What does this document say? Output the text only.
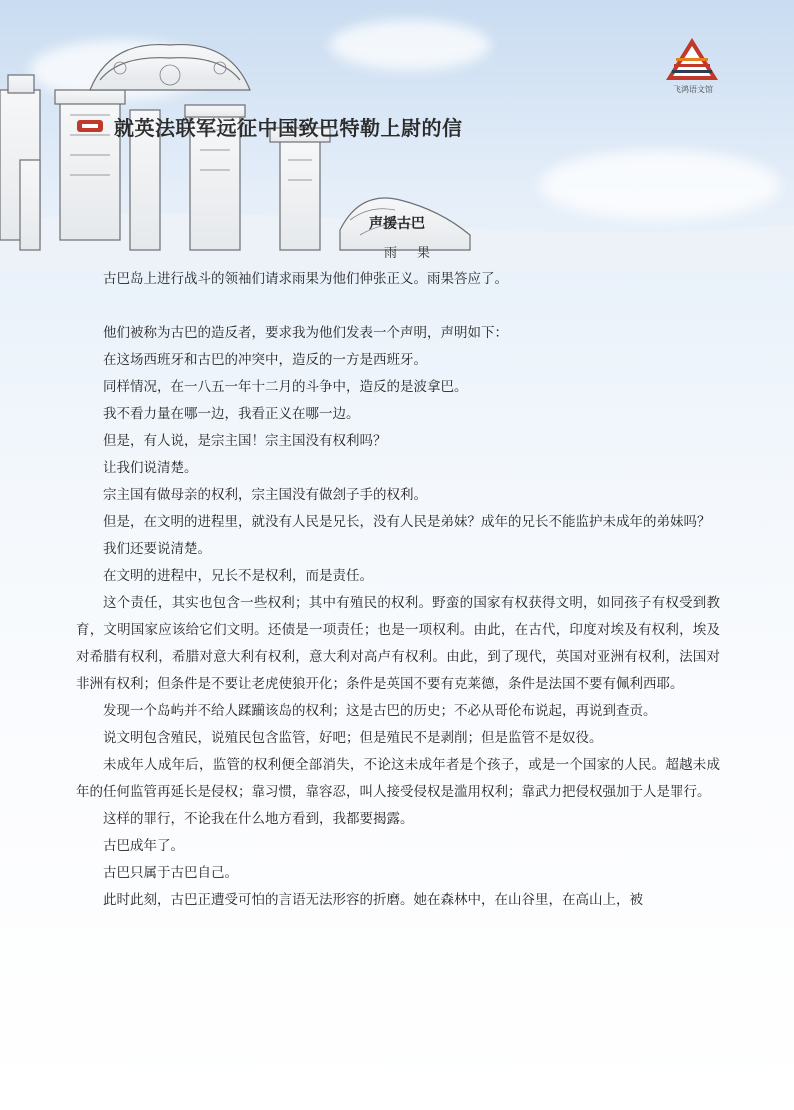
飞鸿语文馆
就英法联军远征中国致巴特勒上尉的信
声援古巴
雨果

古巴岛上进行战斗的领袖们请求雨果为他们伸张正义。雨果答应了。

他们被称为古巴的造反者，要求我为他们发表一个声明，声明如下：

在这场西班牙和古巴的冲突中，造反的一方是西班牙。

同样情况，在一八五一年十二月的斗争中，造反的是波拿巴。

我不看力量在哪一边，我看正义在哪一边。

但是，有人说，是宗主国！宗主国没有权利吗？

让我们说清楚。

宗主国有做母亲的权利，宗主国没有做刽子手的权利。

但是，在文明的进程里，就没有人民是兄长，没有人民是弟妹？成年的兄长不能监护未成年的弟妹吗？

我们还要说清楚。

在文明的进程中，兄长不是权利，而是责任。

这个责任，其实也包含一些权利；其中有殖民的权利。野蛮的国家有权获得文明，如同孩子有权受到教育，文明国家应该给它们文明。还债是一项责任；也是一项权利。由此，在古代，印度对埃及有权利，埃及对希腊有权利，希腊对意大利有权利，意大利对高卢有权利。由此，到了现代，英国对亚洲有权利，法国对非洲有权利；但条件是不要让老虎使狼开化；条件是英国不要有克莱德，条件是法国不要有佩利西耶。

发现一个岛屿并不给人蹂躏该岛的权利；这是古巴的历史；不必从哥伦布说起，再说到查贡。

说文明包含殖民，说殖民包含监管，好吧；但是殖民不是剥削；但是监管不是奴役。

未成年人成年后，监管的权利便全部消失，不论这未成年者是个孩子，或是一个国家的人民。超越未成年的任何监管再延长是侵权；靠习惯，靠容忍，叫人接受侵权是滥用权利；靠武力把侵权强加于人是罪行。

这样的罪行，不论我在什么地方看到，我都要揭露。

古巴成年了。

古巴只属于古巴自己。

此时此刻，古巴正遭受可怕的言语无法形容的折磨。她在森林中，在山谷里，在高山上，被
